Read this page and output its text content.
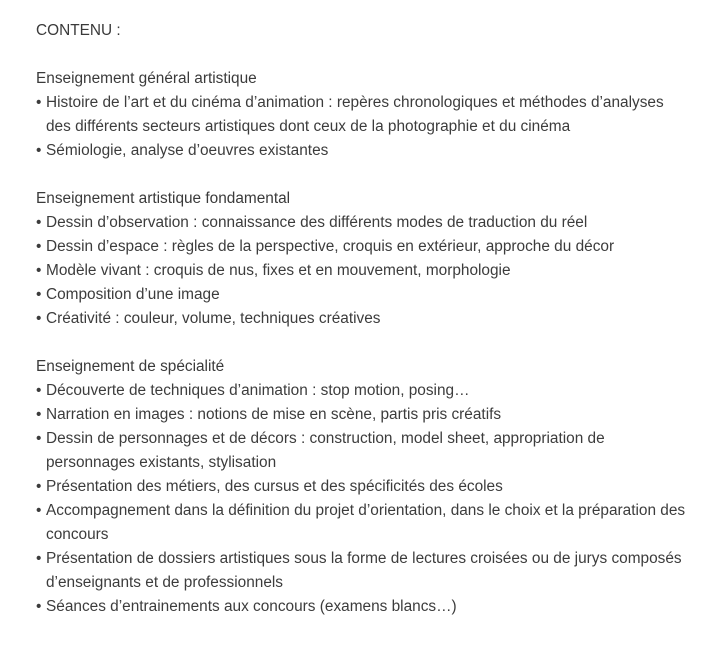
CONTENU :

Enseignement général artistique

• Histoire de l’art et du cinéma d’animation : repères chronologiques et méthodes d’analyses des différents secteurs artistiques dont ceux de la photographie et du cinéma
• Sémiologie, analyse d’oeuvres existantes

Enseignement artistique fondamental

• Dessin d’observation : connaissance des différents modes de traduction du réel
• Dessin d’espace : règles de la perspective, croquis en extérieur, approche du décor
• Modèle vivant : croquis de nus, fixes et en mouvement, morphologie
• Composition d’une image
• Créativité : couleur, volume, techniques créatives

Enseignement de spécialité

• Découverte de techniques d’animation : stop motion, posing…
• Narration en images : notions de mise en scène, partis pris créatifs
• Dessin de personnages et de décors : construction, model sheet, appropriation de personnages existants, stylisation
• Présentation des métiers, des cursus et des spécificités des écoles
• Accompagnement dans la définition du projet d’orientation, dans le choix et la préparation des concours
• Présentation de dossiers artistiques sous la forme de lectures croisées ou de jurys composés d’enseignants et de professionnels
• Séances d’entrainements aux concours (examens blancs…)
